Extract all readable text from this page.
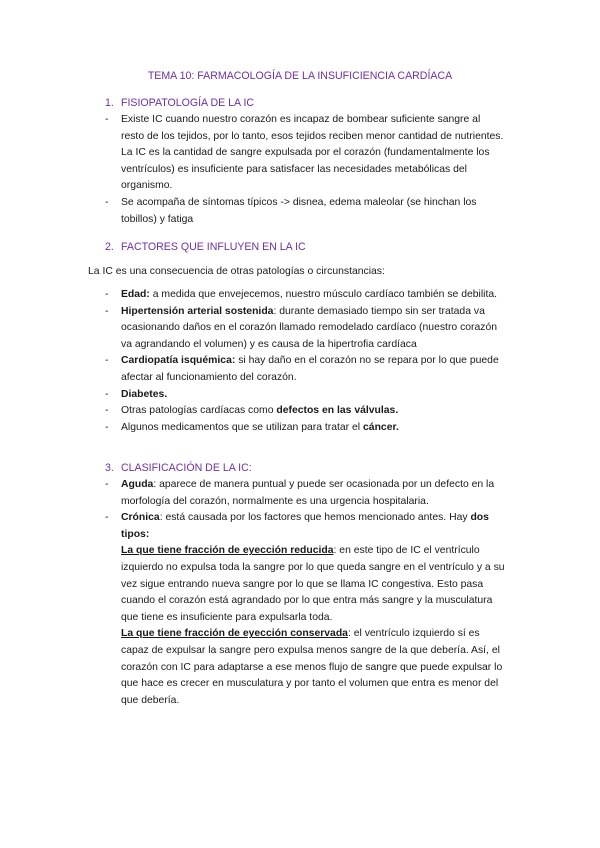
TEMA 10: FARMACOLOGÍA DE LA INSUFICIENCIA CARDÍACA
1. FISIOPATOLOGÍA DE LA IC
- Existe IC cuando nuestro corazón es incapaz de bombear suficiente sangre al resto de los tejidos, por lo tanto, esos tejidos reciben menor cantidad de nutrientes. La IC es la cantidad de sangre expulsada por el corazón (fundamentalmente los ventrículos) es insuficiente para satisfacer las necesidades metabólicas del organismo.
- Se acompaña de síntomas típicos -> disnea, edema maleolar (se hinchan los tobillos) y fatiga
2. FACTORES QUE INFLUYEN EN LA IC
La IC es una consecuencia de otras patologías o circunstancias:
- Edad: a medida que envejecemos, nuestro músculo cardíaco también se debilita.
- Hipertensión arterial sostenida: durante demasiado tiempo sin ser tratada va ocasionando daños en el corazón llamado remodelado cardíaco (nuestro corazón va agrandando el volumen) y es causa de la hipertrofia cardíaca
- Cardiopatía isquémica: si hay daño en el corazón no se repara por lo que puede afectar al funcionamiento del corazón.
- Diabetes.
- Otras patologías cardíacas como defectos en las válvulas.
- Algunos medicamentos que se utilizan para tratar el cáncer.
3. CLASIFICACIÓN DE LA IC:
- Aguda: aparece de manera puntual y puede ser ocasionada por un defecto en la morfología del corazón, normalmente es una urgencia hospitalaria.
- Crónica: está causada por los factores que hemos mencionado antes. Hay dos tipos:
La que tiene fracción de eyección reducida: en este tipo de IC el ventrículo izquierdo no expulsa toda la sangre por lo que queda sangre en el ventrículo y a su vez sigue entrando nueva sangre por lo que se llama IC congestiva. Esto pasa cuando el corazón está agrandado por lo que entra más sangre y la musculatura que tiene es insuficiente para expulsarla toda.
La que tiene fracción de eyección conservada: el ventrículo izquierdo sí es capaz de expulsar la sangre pero expulsa menos sangre de la que debería. Así, el corazón con IC para adaptarse a ese menos flujo de sangre que puede expulsar lo que hace es crecer en musculatura y por tanto el volumen que entra es menor del que debería.
